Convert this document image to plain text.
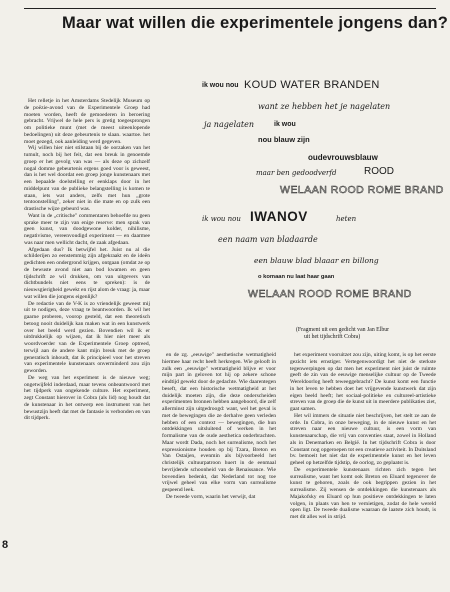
Maar wat willen die experimentele jongens dan?

Het relletje in het Amsterdams Stedelijk Museum op de poëzie-avond van de Experimentele Groep had moeten worden, heeft de gemoederen in beroering gebracht. Vrijwel de hele pers is gretig toegesprongen om politieke munt (met de meest uiteenlopende bedoelingen) uit deze gebeurtenis te slaan. waartoe. het moet gezegd, ook aanleiding werd gegeven.

Wij willen hier niet stilstaan bij de oorzaken van het tumult, noch bij het feit, dat een breuk in genoemde groep er het gevolg van was — als deze op zichzelf nogal domme gebeurtenis ergens goed voor is geweest, dan is het wel doordat een groep jonge kunstenaars met een bepaalde doelstelling er eenklaps door in het middelpunt van de publieke belangstelling is komen te staan, iets wat anders, zelfs met hun „grote tentoonstelling", zeker niet in die mate en op zulk een drastische wijze gebeurd was.

Want in de „critische" commentaren behoefde nu geen sprake meer te zijn van enige reserve: men sprak van geen kunst, van doodgewone kolder, nihilisme, negativisme, vereenvoudigd experiment — en daarmee was naar men wellicht dacht, de zaak afgedaan.

Afgedaan dus? Ik betwijfel het. Juist nu al die schilderijen zo eenstemmig zijn afgekraakt en de ideën gedichten een ondergrond krijgen, ontgaan (omdat ze op de bewuste avond niet aan bod kwamen en geen tijdschrift ze wil drukken, om van uitgevers van dichtbundels niet eens te spreken): is de nieuwsgierigheid gewekt en rijst alom de vraag: ja, maar wat willen die jongens eigenlijk?

De redactie van de V-K is zo vriendelijk geweest mij uit te nodigen, deze vraag te beantwoorden. Ik wil het gaarne proberen, voorop gesteld, dat een theoretisch betoog nooit duidelijk kan maken wat in een kunstwerk over het beeld werd gezien. Bovendien wil ik er uitdrukkelijk op wijzen, dat ik hier niet meer als woordvoerder van de Experimentele Groep optreed, terwijl aan de andere kant mijn breuk met de groep generatisch inhoudt, dat ik principieel voor het streven van experimentele kunstenaars onverminderd zou zijn geworden.

De weg van het experiment is de nieuwe weg; ongetwijfeld inderdaad, maar tevens onbeantwoord met het tijdperk van ongekende culture. Het experiment, zegt Constant hierover in Cobra (als lid) nog houdt dat de kunstenaar in het ontwerp een instrument van het bewustzijn heeft dat met de fantasie is verbonden en van dit tijdperk.

ik wou nou KOUD WATER BRANDEN
want ze hebben het je nagelaten
ja nagelaten	ik wou
nou blauw zijn
oudevrouwsblauw
maar ben gedoodverfd	ROOD
WELAAN ROOD ROME BRAND
ik wou nou IWANOV	heten
een naam van bladaarde
een blauw blad blaaar en billong
o komaan nu laat haar gaan
WELAAN ROOD ROME BRAND
(Fragment uit een gedicht van Jan Elbur
uit het tijdschrift Cobra)

en de zg. „eeuwige" aesthetische wetmatigheid hiermee haar recht heeft herkregen. Wie gelooft in zulk een „eeuwige" wetmatigheid blijve er voor mijn part in geloven tot hij op zekere schone eindtijd gewekt door de gedachte. Wie daarentegen beseft, dat een historische wetmatigheid at het duidelijk moeten zijn, die deze onderscheiden experimenten bronnen hebben aangeboord, die zelf allerminst zijn uitgedroogd: want, wel het geval is met de bewegingen die ze derhalve geen verleden hebben of een context — bewegingen, die hun ontdekkingen uitsluitend of werken in het formalisme van de oude aesthetica onderbrachten. Maar wordt Dada, noch het surrealisme, noch het expressionisme houden op bij Tzara, Breton en Van Ostaijen, evenmin als bijvoorbeeld het christelijk cultuurpatroon huert in de eenmaal bevrijdende schoonheid van de Renaissance. Wie bovendien bedenkt, dat Nederland tot nog toe vrijwel geheel van elke vorm van surrealisme gespeend leek.

De tweede vorm, waarin het verwijt, dat

het experiment vooruitzet zou zijn, uiting komt, is op het eerste gezicht iets ernstiger. Vertegenwoordigt het niet de sterkste tegenwerpingen op dat men het experiment niet juist de ruimte geeft de zin van de eeuwige menselijke cultuur op de Tweede Wereldoorlog heeft teweeggebracht? De kunst komt een functie in het leven te hebben doet het vrijgevende kunstwerk dat zijn eigen beeld heeft; het sociaal-politieke en cultureel-artistieke streven van de groep die de kunst uit in meerdere publikaties ziet, gaat samen.

Het wil immers de situatie niet beschrijven, het stelt ze aan de orde. In Cobra, in onze beweging, in de nieuwe kunst en het streven naar een nieuwe cultuur, is een vorm van kunstenaarschap, die vrij van conventies staat, zowel in Holland als in Denemarken en België. In het tijdschrift Cobra is door Constant nog opgeroepen tot een creatieve activiteit. In Duitsland bv. bemoeit het niet dat de experimentele kunst en het leven geheel op hetzelfde tijdstip, de oorlog, zo geplaatst is.

De experimentele kunstenaars richten zich tegen het surrealisme, want het komt ook Breton en Eluard tegenover de kunst te gehoren, zoals de ook begrippen gezien in het surrealisme. Zij wensen de ontdekkingen die kunstenaars als Majakofsky en Eluard op hun positieve ontdekkingen te laten volgen, in plaats van hen te vernietigen, zodat de hele wereld open ligt. De tweede dualisme waaraan de laatste zich houdt, is met dit alles wel in strijd.

8
